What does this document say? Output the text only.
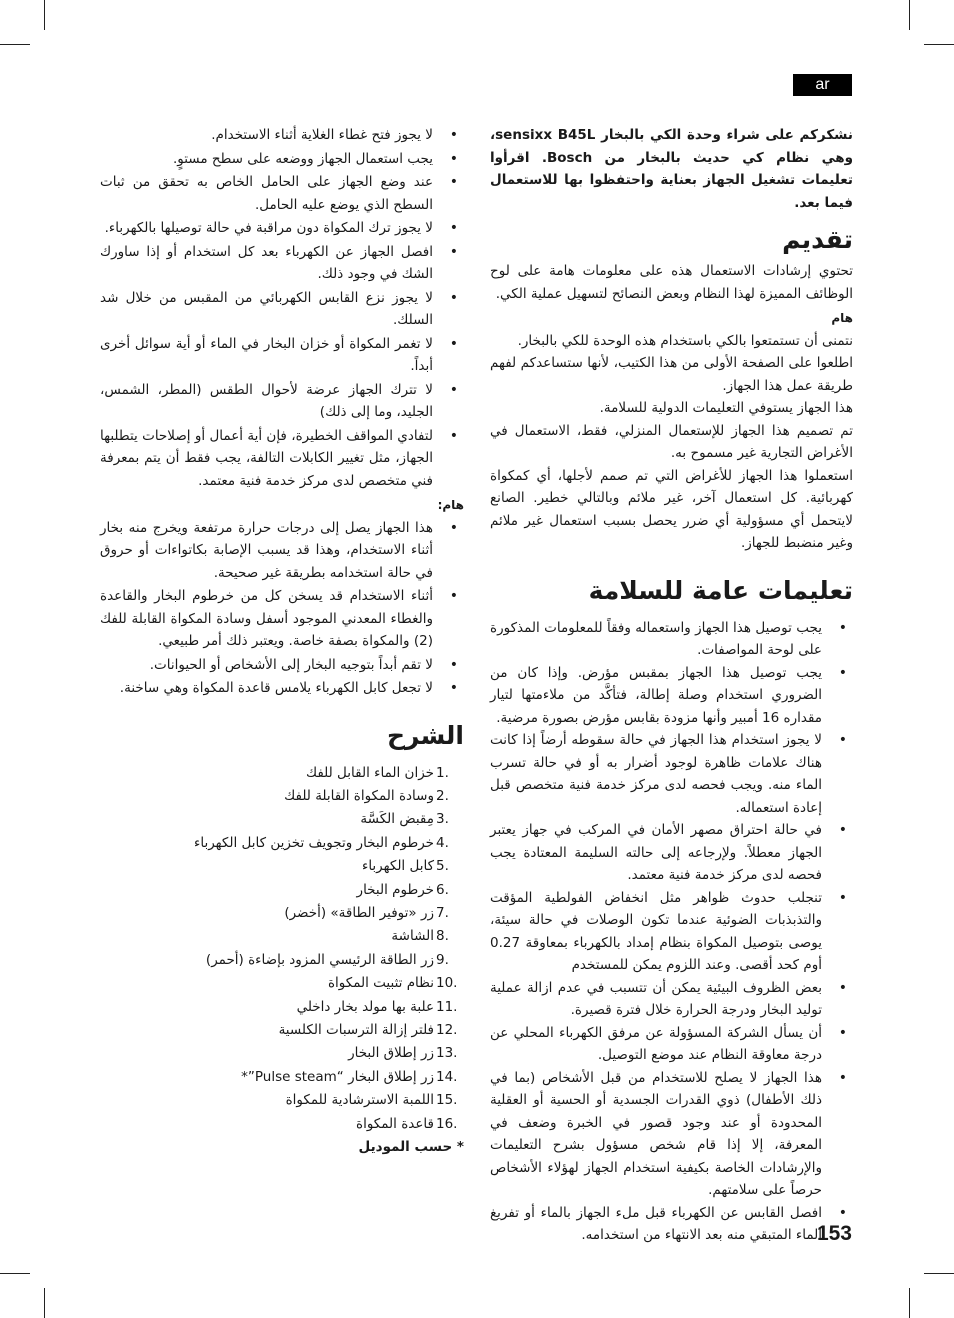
ar

نشكركم على شراء وحدة الكي بالبخار sensixx B45L، وهي نظام كي حديث بالبخار من Bosch. اقرأوا تعليمات تشغيل الجهاز بعناية واحتفظوا بها للاستعمال فيما بعد.

تقديم

تحتوي إرشادات الاستعمال هذه على معلومات هامة على لوح الوظائف المميزة لهذا النظام وبعض النصائح لتسهيل عملية الكي.

هام

نتمنى أن تستمتعوا بالكي باستخدام هذه الوحدة للكي بالبخار.

اطلعوا على الصفحة الأولى من هذا الكتيب، لأنها ستساعدكم لفهم طريقة عمل هذا الجهاز.

هذا الجهاز يستوفي التعليمات الدولية للسلامة.

تم تصميم هذا الجهاز للإستعمال المنزلي، فقط، الاستعمال في الأغراض التجارية غير مسموح به.

استعملوا هذا الجهاز للأغراض التي تم صمم لأجلها، أي كمكواة كهربائية. كل استعمال آخر، غير ملائم وبالتالي خطير. الصانع لايتحمل أي مسؤولية أي ضرر يحصل بسبب استعمال غير ملائم وغير منضبط للجهاز.

تعليمات عامة للسلامة
• يجب توصيل هذا الجهاز واستعماله وفقاً للمعلومات المذكورة على لوحة المواصفات.
• يجب توصيل هذا الجهاز بمقبس مؤرض. وإذا كان من الضروري استخدام وصلة إطالة، فتأكَّد من ملاءمتها لتيار مقداره 16 أمبير وأنها مزودة بقابس مؤرض بصورة مرضية.
• لا يجوز استخدام هذا الجهاز في حالة سقوطه أرضاً إذا كانت هناك علامات ظاهرة لوجود أضرار به أو في حالة تسرب الماء منه. ويجب فحصه لدى مركز خدمة فنية متخصص قبل إعادة استعماله.
• في حالة احتراق مصهر الأمان في المركب في جهاز يعتبر الجهاز معطلاً. ولإرجاعه إلى حالته السليمة المعتادة يجب فحصه لدى مركز خدمة فنية معتمد.
• تنجلب حدوث ظواهر مثل انخفاض الفولطية المؤقت والتذبذبات الضوئية عندما تكون الوصلات في حالة سيئة، يوصى بتوصيل المكواة بنظام إمداد بالكهرباء بمعاوقة 0.27 أوم كحد أقصى. وعند اللزوم يمكن للمستخدم
• بعض الظروف البيئية يمكن أن تتسبب في عدم ازالة عملية توليد البخار ودرجة الحرارة خلال فترة قصيرة.
• أن يسأل الشركة المسؤولة عن مرفق الكهرباء المحلي عن درجة معاوقة النظام عند موضع التوصيل.
• هذا الجهاز لا يصلح للاستخدام من قبل الأشخاص (بما في ذلك الأطفال) ذوي القدرات الجسدية أو الحسية أو العقلية المحدودة أو عند وجود قصور في الخبرة وضعف في المعرفة، إلا إذا قام شخص مسؤول بشرح التعليمات والإرشادات الخاصة بكيفية استخدام الجهاز لهؤلاء الأشخاص حرصاً على سلامتهم.
• افصل القابس عن الكهرباء قبل ملء الجهاز بالماء أو تفريغ الماء المتبقي منه بعد الانتهاء من استخدامه.
• لا يجوز فتح غطاء الغلاية أثناء الاستخدام.
• يجب استعمال الجهاز ووضعه على سطح مستوٍ.
• عند وضع الجهاز على الحامل الخاص به تحقق من ثبات السطح الذي يوضع عليه الحامل.
• لا يجوز ترك المكواة دون مراقبة في حالة توصيلها بالكهرباء.
• افصل الجهاز عن الكهرباء بعد كل استخدام أو إذا ساورك الشك في وجود ذلك.
• لا يجوز نزع القابس الكهربائي من المقبس من خلال شد السلك.
• لا تغمر المكواة أو خزان البخار في الماء أو أية سوائل أخرى أبداً.
• لا تترك الجهاز عرضة لأحوال الطقس (المطر، الشمس، الجليد، وما إلى ذلك)
• لتفادي المواقف الخطيرة، فإن أية أعمال أو إصلاحات يتطلبها الجهاز، مثل تغيير الكابلات التالفة، يجب فقط أن يتم بمعرفة فني متخصص لدى مركز خدمة فنية معتمد.

هام:

• هذا الجهاز يصل إلى درجات حرارة مرتفعة ويخرج منه بخار أثناء الاستخدام، وهذا قد يسبب الإصابة بكاتواءات أو حروق في حالة استخدامه بطريقة غير صحيحة.
• أثناء الاستخدام قد يسخن كل من خرطوم البخار والقاعدة والغطاء المعدني الموجود أسفل وسادة المكواة القابلة للفك (2) والمكواة بصفة خاصة. ويعتبر ذلك أمر طبيعي.
• لا تقم أبداً بتوجيه البخار إلى الأشخاص أو الحيوانات.
• لا تجعل كابل الكهرباء يلامس قاعدة المكواة وهي ساخنة.
الشرح
1.
خزان الماء القابل للفك
2.
وسادة المكواة القابلة للفك
3.
مِقبض الكَسَّة
4.
خرطوم البخار وتجويف تخزين كابل الكهرباء
5.
كابل الكهرباء
6.
خرطوم البخار
7.
زر «توفير الطاقة» (أخضر)
8.
الشاشة
9.
زر الطاقة الرئيسي المزود بإضاءة (أحمر)
10.
نظام تثبيت المكواة
11.
علبة بها مولد بخار داخلي
12.
فلتر إزالة الترسبات الكلسية
13.
زر إطلاق البخار
14.
زر إطلاق البخار “Pulse steam”*
15.
اللمبة الاسترشادية للمكواة
16.
قاعدة المكواة

* حسب الموديل

153
